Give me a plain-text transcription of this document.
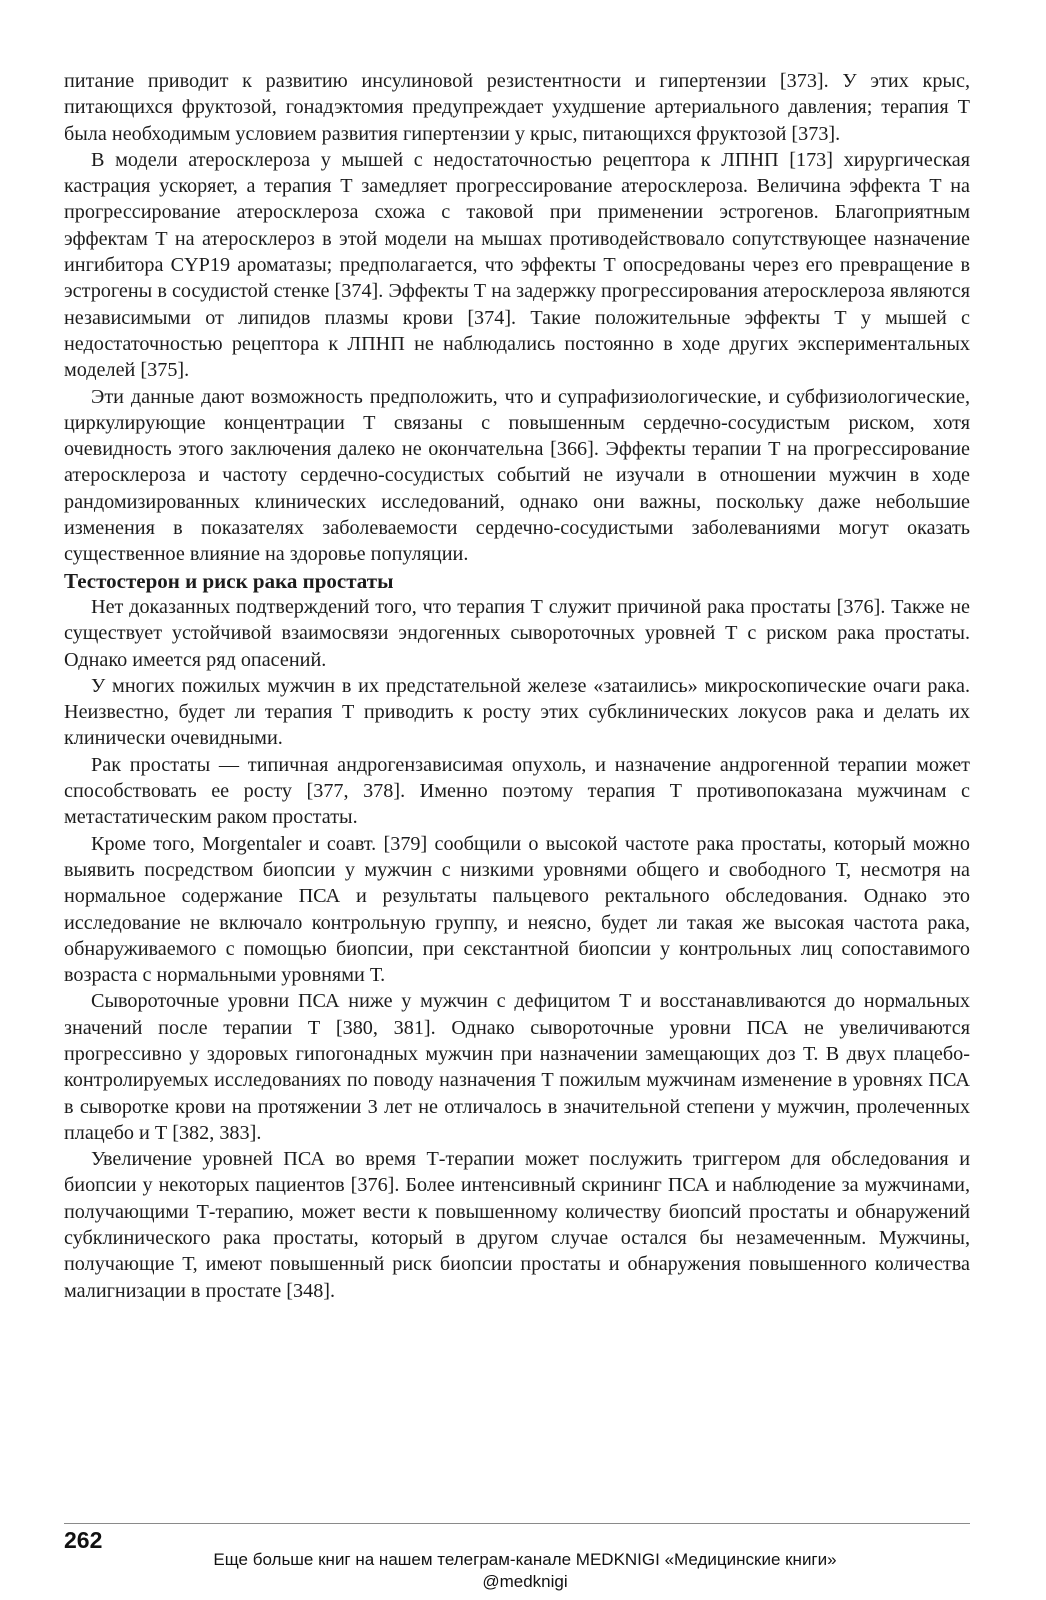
питание приводит к развитию инсулиновой резистентности и гипертензии [373]. У этих крыс, питающихся фруктозой, гонадэктомия предупреждает ухудшение артериального давления; терапия Т была необходимым условием развития гипертензии у крыс, питающихся фруктозой [373].

В модели атеросклероза у мышей с недостаточностью рецептора к ЛПНП [173] хирургическая кастрация ускоряет, а терапия Т замедляет прогрессирование атеросклероза. Величина эффекта Т на прогрессирование атеросклероза схожа с таковой при применении эстрогенов. Благоприятным эффектам Т на атеросклероз в этой модели на мышах противодействовало сопутствующее назначение ингибитора CYP19 ароматазы; предполагается, что эффекты Т опосредованы через его превращение в эстрогены в сосудистой стенке [374]. Эффекты Т на задержку прогрессирования атеросклероза являются независимыми от липидов плазмы крови [374]. Такие положительные эффекты Т у мышей с недостаточностью рецептора к ЛПНП не наблюдались постоянно в ходе других экспериментальных моделей [375].

Эти данные дают возможность предположить, что и супрафизиологические, и субфизиологические, циркулирующие концентрации Т связаны с повышенным сердечно-сосудистым риском, хотя очевидность этого заключения далеко не окончательна [366]. Эффекты терапии Т на прогрессирование атеросклероза и частоту сердечно-сосудистых событий не изучали в отношении мужчин в ходе рандомизированных клинических исследований, однако они важны, поскольку даже небольшие изменения в показателях заболеваемости сердечно-сосудистыми заболеваниями могут оказать существенное влияние на здоровье популяции.

Тестостерон и риск рака простаты

Нет доказанных подтверждений того, что терапия Т служит причиной рака простаты [376]. Также не существует устойчивой взаимосвязи эндогенных сывороточных уровней Т с риском рака простаты. Однако имеется ряд опасений.

У многих пожилых мужчин в их предстательной железе «затаились» микроскопические очаги рака. Неизвестно, будет ли терапия Т приводить к росту этих субклинических локусов рака и делать их клинически очевидными.

Рак простаты — типичная андрогензависимая опухоль, и назначение андрогенной терапии может способствовать ее росту [377, 378]. Именно поэтому терапия Т противопоказана мужчинам с метастатическим раком простаты.

Кроме того, Morgentaler и соавт. [379] сообщили о высокой частоте рака простаты, который можно выявить посредством биопсии у мужчин с низкими уровнями общего и свободного Т, несмотря на нормальное содержание ПСА и результаты пальцевого ректального обследования. Однако это исследование не включало контрольную группу, и неясно, будет ли такая же высокая частота рака, обнаруживаемого с помощью биопсии, при секстантной биопсии у контрольных лиц сопоставимого возраста с нормальными уровнями Т.

Сывороточные уровни ПСА ниже у мужчин с дефицитом Т и восстанавливаются до нормальных значений после терапии Т [380, 381]. Однако сывороточные уровни ПСА не увеличиваются прогрессивно у здоровых гипогонадных мужчин при назначении замещающих доз Т. В двух плацебо-контролируемых исследованиях по поводу назначения Т пожилым мужчинам изменение в уровнях ПСА в сыворотке крови на протяжении 3 лет не отличалось в значительной степени у мужчин, пролеченных плацебо и Т [382, 383].

Увеличение уровней ПСА во время Т-терапии может послужить триггером для обследования и биопсии у некоторых пациентов [376]. Более интенсивный скрининг ПСА и наблюдение за мужчинами, получающими Т-терапию, может вести к повышенному количеству биопсий простаты и обнаружений субклинического рака простаты, который в другом случае остался бы незамеченным. Мужчины, получающие Т, имеют повышенный риск биопсии простаты и обнаружения повышенного количества малигнизации в простате [348].

262
Еще больше книг на нашем телеграм-канале MEDKNIGI «Медицинские книги»
@medknigi
